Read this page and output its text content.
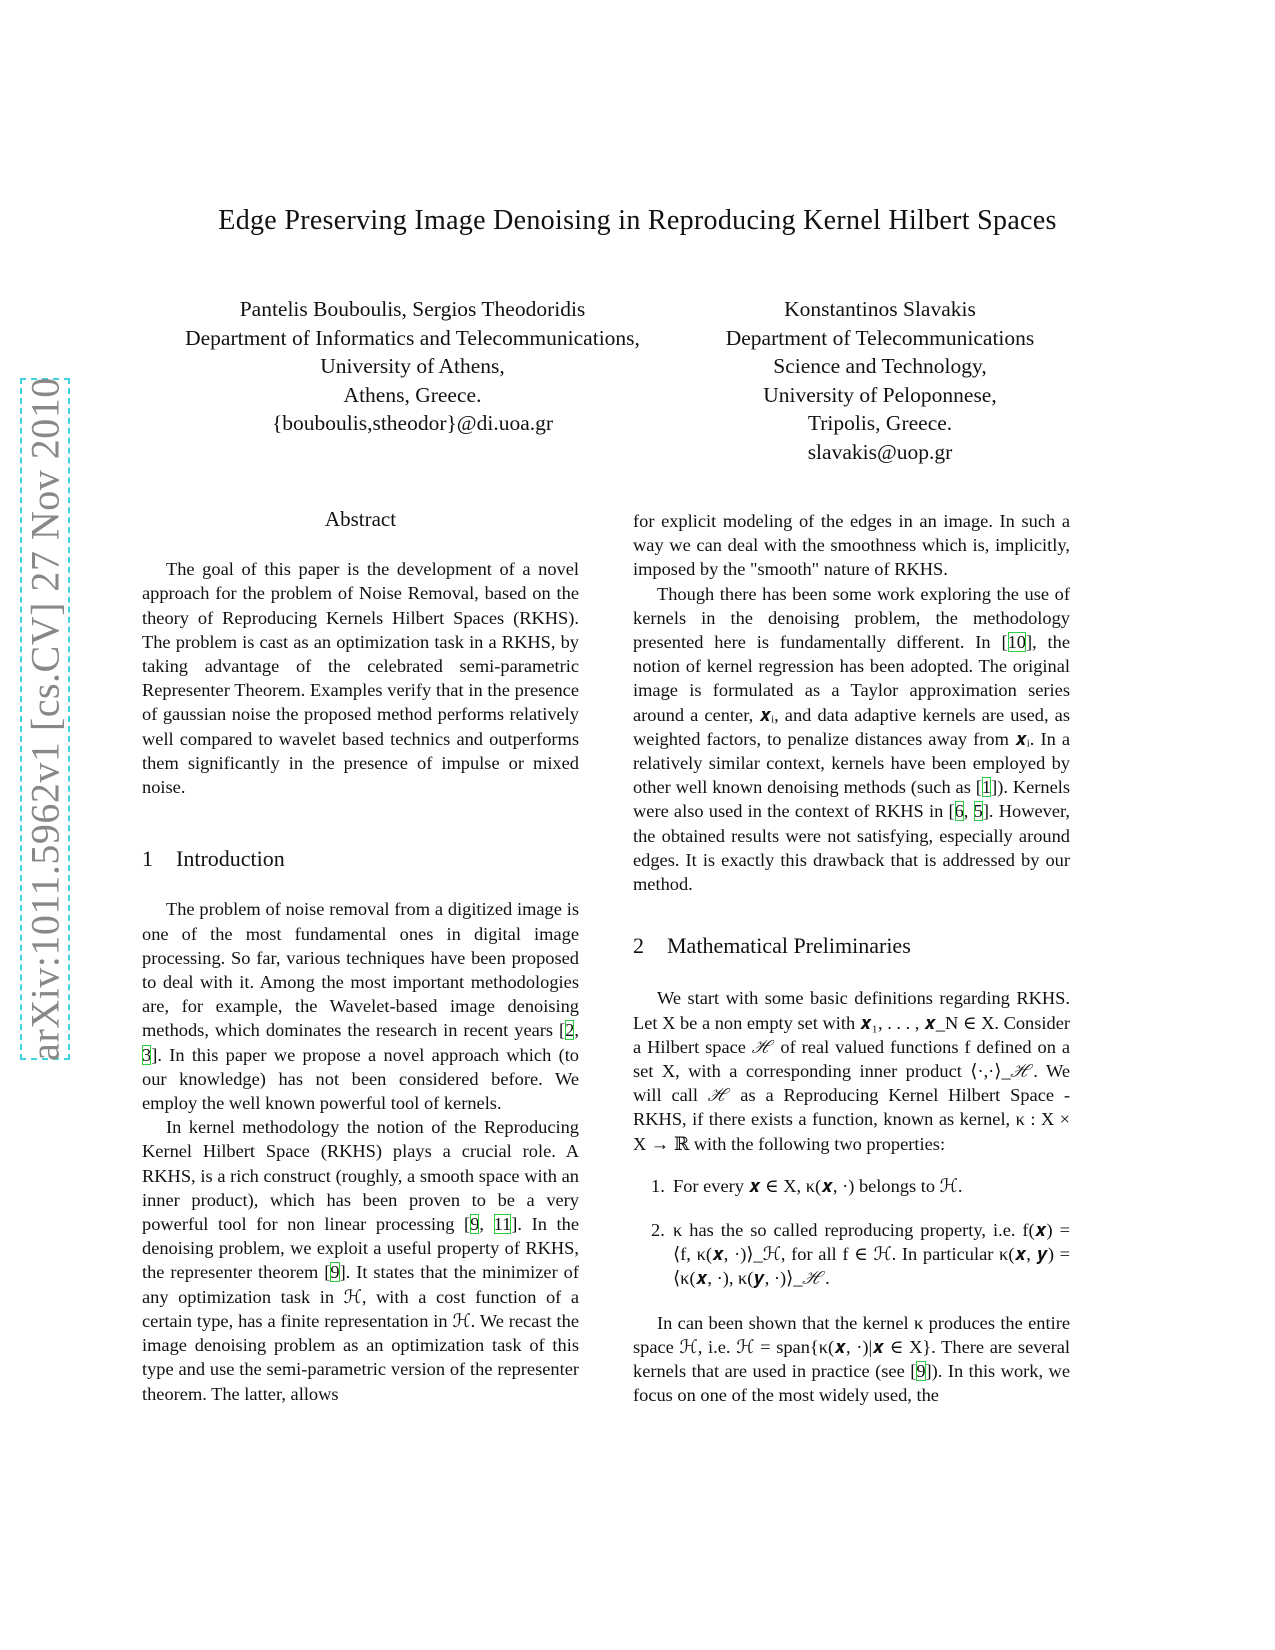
Edge Preserving Image Denoising in Reproducing Kernel Hilbert Spaces
Pantelis Bouboulis, Sergios Theodoridis
Department of Informatics and Telecommunications,
University of Athens,
Athens, Greece.
{bouboulis,stheodor}@di.uoa.gr
Konstantinos Slavakis
Department of Telecommunications
Science and Technology,
University of Peloponnese,
Tripolis, Greece.
slavakis@uop.gr
arXiv:1011.5962v1 [cs.CV] 27 Nov 2010	Abstract

The goal of this paper is the development of a novel approach for the problem of Noise Removal, based on the theory of Reproducing Kernels Hilbert Spaces (RKHS). The problem is cast as an optimization task in a RKHS, by taking advantage of the celebrated semi-parametric Representer Theorem. Examples verify that in the presence of gaussian noise the proposed method performs relatively well compared to wavelet based technics and outperforms them significantly in the presence of impulse or mixed noise.

1 Introduction

The problem of noise removal from a digitized image is one of the most fundamental ones in digital image processing. So far, various techniques have been proposed to deal with it. Among the most important methodologies are, for example, the Wavelet-based image denoising methods, which dominates the research in recent years [2, 3]. In this paper we propose a novel approach which (to our knowledge) has not been considered before. We employ the well known powerful tool of kernels.

In kernel methodology the notion of the Reproducing Kernel Hilbert Space (RKHS) plays a crucial role. A RKHS, is a rich construct (roughly, a smooth space with an inner product), which has been proven to be a very powerful tool for non linear processing [9, 11]. In the denoising problem, we exploit a useful property of RKHS, the representer theorem [9]. It states that the minimizer of any optimization task in ℋ, with a cost function of a certain type, has a finite representation in ℋ. We recast the image denoising problem as an optimization task of this type and use the semi-parametric version of the representer theorem. The latter, allows

for explicit modeling of the edges in an image. In such a way we can deal with the smoothness which is, implicitly, imposed by the "smooth" nature of RKHS.

Though there has been some work exploring the use of kernels in the denoising problem, the methodology presented here is fundamentally different. In [10], the notion of kernel regression has been adopted. The original image is formulated as a Taylor approximation series around a center, 𝒙ᵢ, and data adaptive kernels are used, as weighted factors, to penalize distances away from 𝒙ᵢ. In a relatively similar context, kernels have been employed by other well known denoising methods (such as [1]). Kernels were also used in the context of RKHS in [6, 5]. However, the obtained results were not satisfying, especially around edges. It is exactly this drawback that is addressed by our method.

2 Mathematical Preliminaries

We start with some basic definitions regarding RKHS. Let X be a non empty set with 𝒙₁, . . . , 𝒙_N ∈ X. Consider a Hilbert space ℋ of real valued functions f defined on a set X, with a corresponding inner product ⟨·,·⟩_ℋ. We will call ℋ as a Reproducing Kernel Hilbert Space - RKHS, if there exists a function, known as kernel, κ : X × X → ℝ with the following two properties:

1. For every 𝒙 ∈ X, κ(𝒙, ·) belongs to ℋ.
2. κ has the so called reproducing property, i.e. f(𝒙) = ⟨f, κ(𝒙, ·)⟩_ℋ, for all f ∈ ℋ. In particular κ(𝒙, 𝒚) = ⟨κ(𝒙, ·), κ(𝒚, ·)⟩_ℋ.

In can been shown that the kernel κ produces the entire space ℋ, i.e. ℋ = span{κ(𝒙, ·)|𝒙 ∈ X}. There are several kernels that are used in practice (see [9]). In this work, we focus on one of the most widely used, the
